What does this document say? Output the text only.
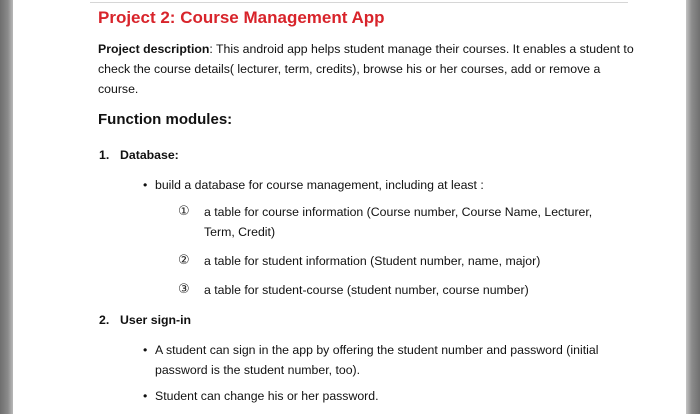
Project 2: Course Management App

Project description: This android app helps student manage their courses. It enables a student to check the course details( lecturer, term, credits), browse his or her courses, add or remove a course.

Function modules:

1. Database:

• build a database for course management, including at least :
① a table for course information (Course number, Course Name, Lecturer, Term, Credit)
② a table for student information (Student number, name, major)
③ a table for student-course (student number, course number)

2. User sign-in

• A student can sign in the app by offering the student number and password (initial password is the student number, too).
• Student can change his or her password.
